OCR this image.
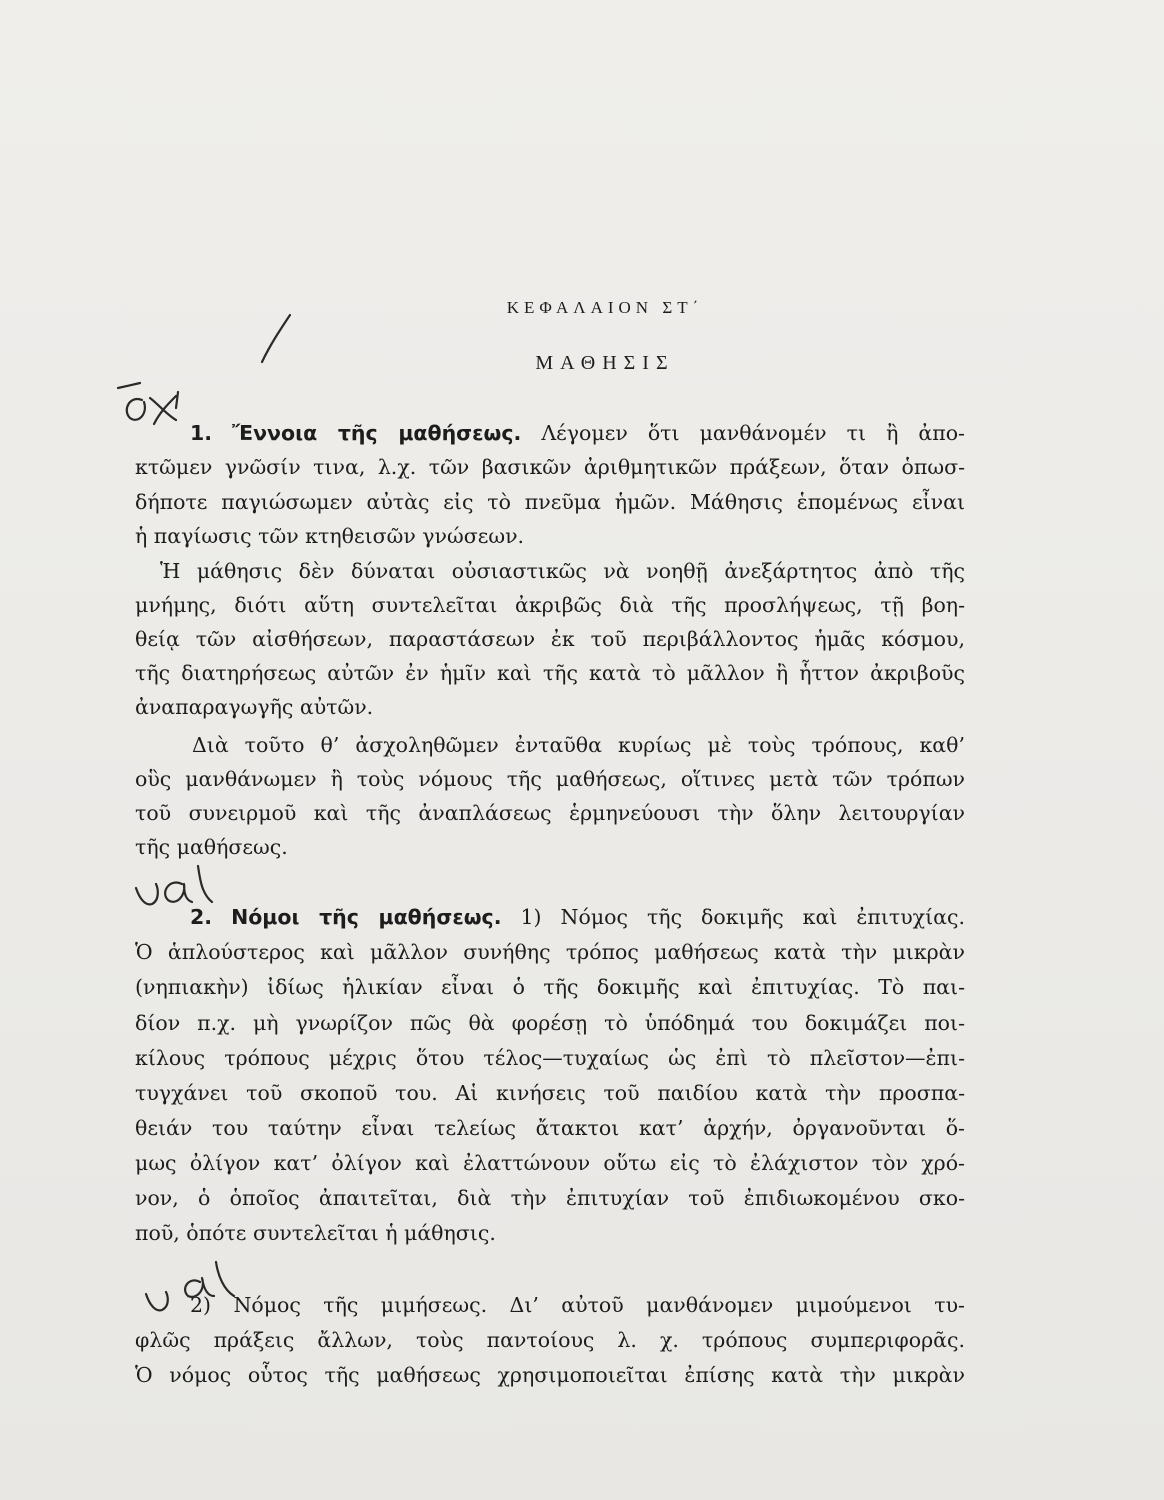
ΚΕΦΑΛΑΙΟΝ ΣΤ΄
ΜΑΘΗΣΙΣ
1. Ἔννοια τῆς μαθήσεως. Λέγομεν ὅτι μανθάνομέν τι ἢ ἀπο-
κτῶμεν γνῶσίν τινα, λ.χ. τῶν βασικῶν ἀριθμητικῶν πράξεων, ὅταν ὁπωσ-
δήποτε παγιώσωμεν αὐτὰς εἰς τὸ πνεῦμα ἡμῶν. Μάθησις ἑπομένως εἶναι
ἡ παγίωσις τῶν κτηθεισῶν γνώσεων.
Ἡ μάθησις δὲν δύναται οὐσιαστικῶς νὰ νοηθῇ ἀνεξάρτητος ἀπὸ τῆς
μνήμης, διότι αὕτη συντελεῖται ἀκριβῶς διὰ τῆς προσλήψεως, τῇ βοη-
θείᾳ τῶν αἰσθήσεων, παραστάσεων ἐκ τοῦ περιβάλλοντος ἡμᾶς κόσμου,
τῆς διατηρήσεως αὐτῶν ἐν ἡμῖν καὶ τῆς κατὰ τὸ μᾶλλον ἢ ἧττον ἀκριβοῦς
ἀναπαραγωγῆς αὐτῶν.
Διὰ τοῦτο θ’ ἀσχοληθῶμεν ἐνταῦθα κυρίως μὲ τοὺς τρόπους, καθ’
οὓς μανθάνωμεν ἢ τοὺς νόμους τῆς μαθήσεως, οἵτινες μετὰ τῶν τρόπων
τοῦ συνειρμοῦ καὶ τῆς ἀναπλάσεως ἑρμηνεύουσι τὴν ὅλην λειτουργίαν
τῆς μαθήσεως.
2. Νόμοι τῆς μαθήσεως. 1) Νόμος τῆς δοκιμῆς καὶ ἐπιτυχίας.
Ὁ ἁπλούστερος καὶ μᾶλλον συνήθης τρόπος μαθήσεως κατὰ τὴν μικρὰν
(νηπιακὴν) ἰδίως ἡλικίαν εἶναι ὁ τῆς δοκιμῆς καὶ ἐπιτυχίας. Τὸ παι-
δίον π.χ. μὴ γνωρίζον πῶς θὰ φορέσῃ τὸ ὑπόδημά του δοκιμάζει ποι-
κίλους τρόπους μέχρις ὅτου τέλος—τυχαίως ὡς ἐπὶ τὸ πλεῖστον—ἐπι-
τυγχάνει τοῦ σκοποῦ του. Αἱ κινήσεις τοῦ παιδίου κατὰ τὴν προσπα-
θειάν του ταύτην εἶναι τελείως ἄτακτοι κατ’ ἀρχήν, ὀργανοῦνται ὅ-
μως ὀλίγον κατ’ ὀλίγον καὶ ἐλαττώνουν οὕτω εἰς τὸ ἐλάχιστον τὸν χρό-
νον, ὁ ὁποῖος ἀπαιτεῖται, διὰ τὴν ἐπιτυχίαν τοῦ ἐπιδιωκομένου σκο-
ποῦ, ὁπότε συντελεῖται ἡ μάθησις.
2) Νόμος τῆς μιμήσεως. Δι’ αὐτοῦ μανθάνομεν μιμούμενοι τυ-
φλῶς πράξεις ἄλλων, τοὺς παντοίους λ. χ. τρόπους συμπεριφορᾶς.
Ὁ νόμος οὗτος τῆς μαθήσεως χρησιμοποιεῖται ἐπίσης κατὰ τὴν μικρὰν
